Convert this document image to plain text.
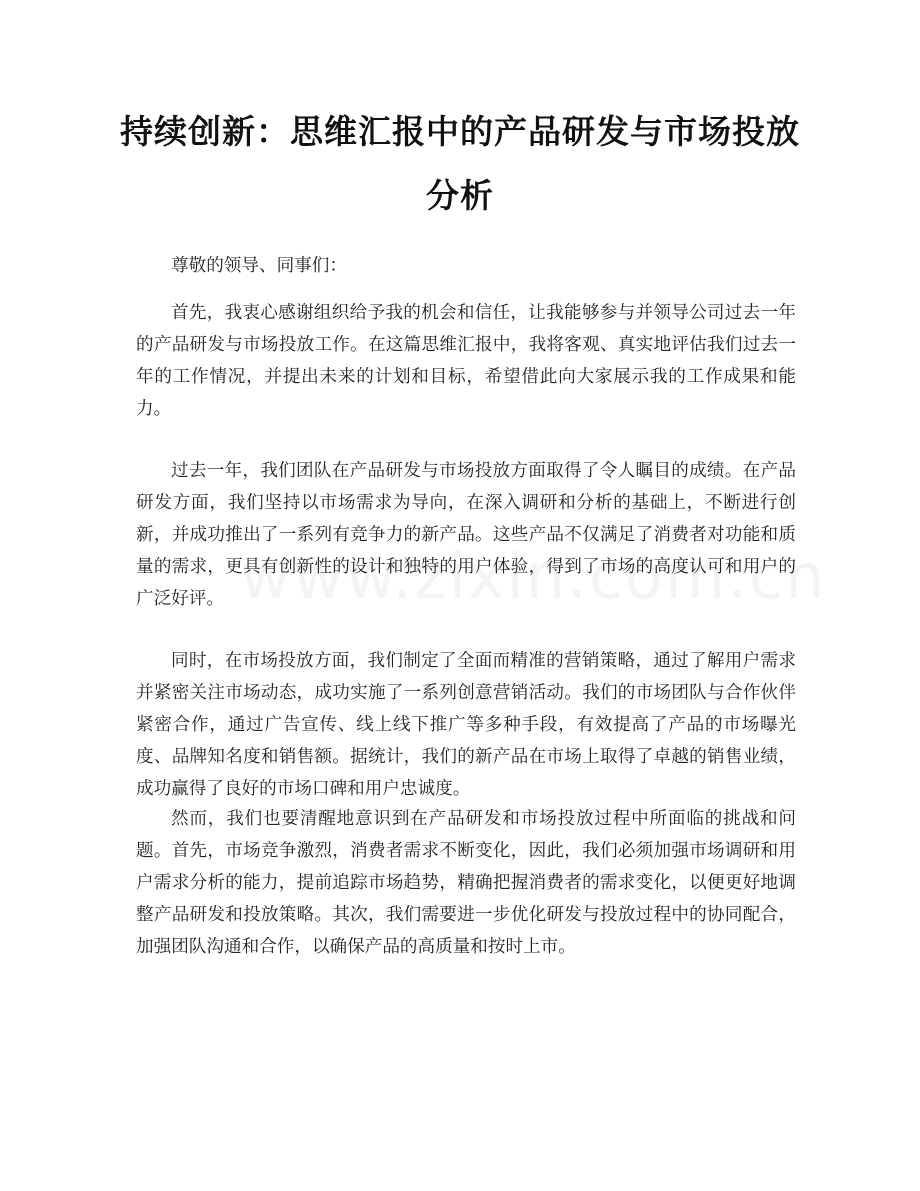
持续创新：思维汇报中的产品研发与市场投放分析

尊敬的领导、同事们：

首先，我衷心感谢组织给予我的机会和信任，让我能够参与并领导公司过去一年的产品研发与市场投放工作。在这篇思维汇报中，我将客观、真实地评估我们过去一年的工作情况，并提出未来的计划和目标，希望借此向大家展示我的工作成果和能力。

过去一年，我们团队在产品研发与市场投放方面取得了令人瞩目的成绩。在产品研发方面，我们坚持以市场需求为导向，在深入调研和分析的基础上，不断进行创新，并成功推出了一系列有竞争力的新产品。这些产品不仅满足了消费者对功能和质量的需求，更具有创新性的设计和独特的用户体验，得到了市场的高度认可和用户的广泛好评。

同时，在市场投放方面，我们制定了全面而精准的营销策略，通过了解用户需求并紧密关注市场动态，成功实施了一系列创意营销活动。我们的市场团队与合作伙伴紧密合作，通过广告宣传、线上线下推广等多种手段，有效提高了产品的市场曝光度、品牌知名度和销售额。据统计，我们的新产品在市场上取得了卓越的销售业绩，成功赢得了良好的市场口碑和用户忠诚度。

然而，我们也要清醒地意识到在产品研发和市场投放过程中所面临的挑战和问题。首先，市场竞争激烈，消费者需求不断变化，因此，我们必须加强市场调研和用户需求分析的能力，提前追踪市场趋势，精确把握消费者的需求变化，以便更好地调整产品研发和投放策略。其次，我们需要进一步优化研发与投放过程中的协同配合，加强团队沟通和合作，以确保产品的高质量和按时上市。
